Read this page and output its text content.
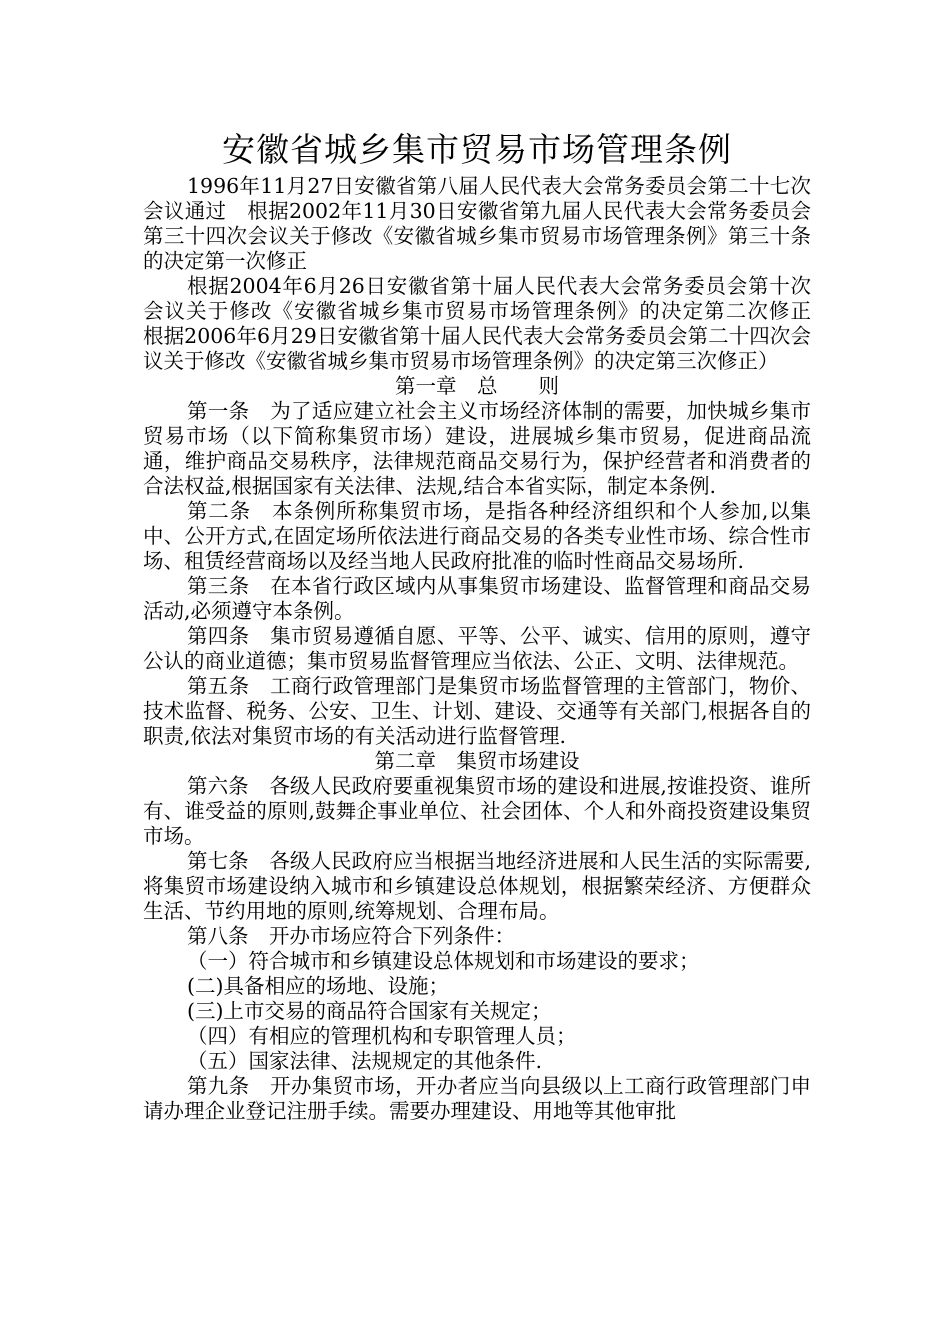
安徽省城乡集市贸易市场管理条例

1996年11月27日安徽省第八届人民代表大会常务委员会第二十七次会议通过　根据2002年11月30日安徽省第九届人民代表大会常务委员会第三十四次会议关于修改《安徽省城乡集市贸易市场管理条例》第三十条的决定第一次修正

根据2004年6月26日安徽省第十届人民代表大会常务委员会第十次会议关于修改《安徽省城乡集市贸易市场管理条例》的决定第二次修正　根据2006年6月29日安徽省第十届人民代表大会常务委员会第二十四次会议关于修改《安徽省城乡集市贸易市场管理条例》的决定第三次修正）

第一章　总　　则

第一条　为了适应建立社会主义市场经济体制的需要，加快城乡集市贸易市场（以下简称集贸市场）建设，进展城乡集市贸易，促进商品流通，维护商品交易秩序，法律规范商品交易行为，保护经营者和消费者的合法权益,根据国家有关法律、法规,结合本省实际，制定本条例.

第二条　本条例所称集贸市场，是指各种经济组织和个人参加,以集中、公开方式,在固定场所依法进行商品交易的各类专业性市场、综合性市场、租赁经营商场以及经当地人民政府批准的临时性商品交易场所.

第三条　在本省行政区域内从事集贸市场建设、监督管理和商品交易活动,必须遵守本条例。

第四条　集市贸易遵循自愿、平等、公平、诚实、信用的原则，遵守公认的商业道德；集市贸易监督管理应当依法、公正、文明、法律规范。

第五条　工商行政管理部门是集贸市场监督管理的主管部门，物价、技术监督、税务、公安、卫生、计划、建设、交通等有关部门,根据各自的职责,依法对集贸市场的有关活动进行监督管理.

第二章　集贸市场建设

第六条　各级人民政府要重视集贸市场的建设和进展,按谁投资、谁所有、谁受益的原则,鼓舞企事业单位、社会团体、个人和外商投资建设集贸市场。

第七条　各级人民政府应当根据当地经济进展和人民生活的实际需要,将集贸市场建设纳入城市和乡镇建设总体规划，根据繁荣经济、方便群众生活、节约用地的原则,统筹规划、合理布局。

第八条　开办市场应符合下列条件：

（一）符合城市和乡镇建设总体规划和市场建设的要求；

(二)具备相应的场地、设施；

(三)上市交易的商品符合国家有关规定；

（四）有相应的管理机构和专职管理人员；

（五）国家法律、法规规定的其他条件.

第九条　开办集贸市场，开办者应当向县级以上工商行政管理部门申请办理企业登记注册手续。需要办理建设、用地等其他审批
